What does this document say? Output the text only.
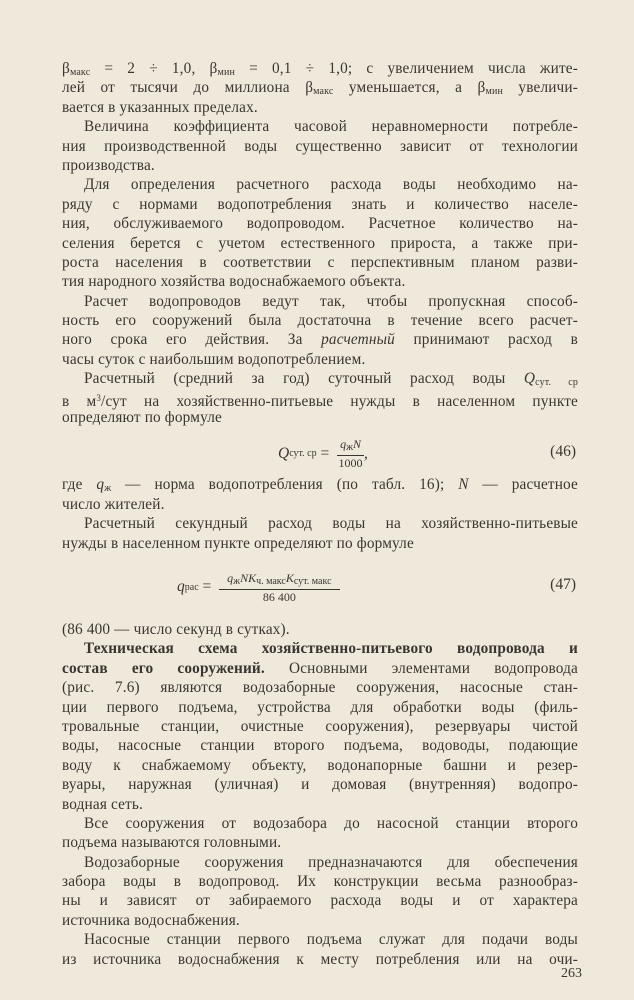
$\beta_{макс} = 2 \div 1,0$, $\beta_{мин} = 0,1 \div 1,0$; с увеличением числа жите-
лей от тысячи до миллиона $\beta_{макс}$ уменьшается, а $\beta_{мин}$ увеличи-
вается в указанных пределах.
Величина коэффициента часовой неравномерности потребле-
ния производственной воды существенно зависит от технологии
производства.
Для определения расчетного расхода воды необходимо на-
ряду с нормами водопотребления знать и количество населе-
ния, обслуживаемого водопроводом. Расчетное количество на-
селения берется с учетом естественного прироста, а также при-
роста населения в соответствии с перспективным планом разви-
тия народного хозяйства водоснабжаемого объекта.
Расчет водопроводов ведут так, чтобы пропускная способ-
ность его сооружений была достаточна в течение всего расчет-
ного срока его действия. За расчетный принимают расход в
часы суток с наибольшим водопотреблением.
Расчетный (средний за год) суточный расход воды $Q_{сут. ср}$
в $м^3$/сут на хозяйственно-питьевые нужды в населенном пункте
определяют по формуле
Q сут. ср = $\frac{q_жN}{1000}$ ,	(46)
где $q_ж$ — норма водопотребления (по табл. 16); N — расчетное
число жителей.
Расчетный секундный расход воды на хозяйственно-питьевые
нужды в населенном пункте определяют по формуле
q рас = $\frac{q_жNK_{ч. макс}K_{сут. макс}}{86 400}$	(47)
(86 400 — число секунд в сутках).
Техническая схема хозяйственно-питьевого водопровода и
состав его сооружений. Основными элементами водопровода
(рис. 7.6) являются водозаборные сооружения, насосные стан-
ции первого подъема, устройства для обработки воды (филь-
тровальные станции, очистные сооружения), резервуары чистой
воды, насосные станции второго подъема, водоводы, подающие
воду к снабжаемому объекту, водонапорные башни и резер-
вуары, наружная (уличная) и домовая (внутренняя) водопро-
водная сеть.
Все сооружения от водозабора до насосной станции второго
подъема называются головными.
Водозаборные сооружения предназначаются для обеспечения
забора воды в водопровод. Их конструкции весьма разнообраз-
ны и зависят от забираемого расхода воды и от характера
источника водоснабжения.
Насосные станции первого подъема служат для подачи воды
из источника водоснабжения к месту потребления или на очи-
263
